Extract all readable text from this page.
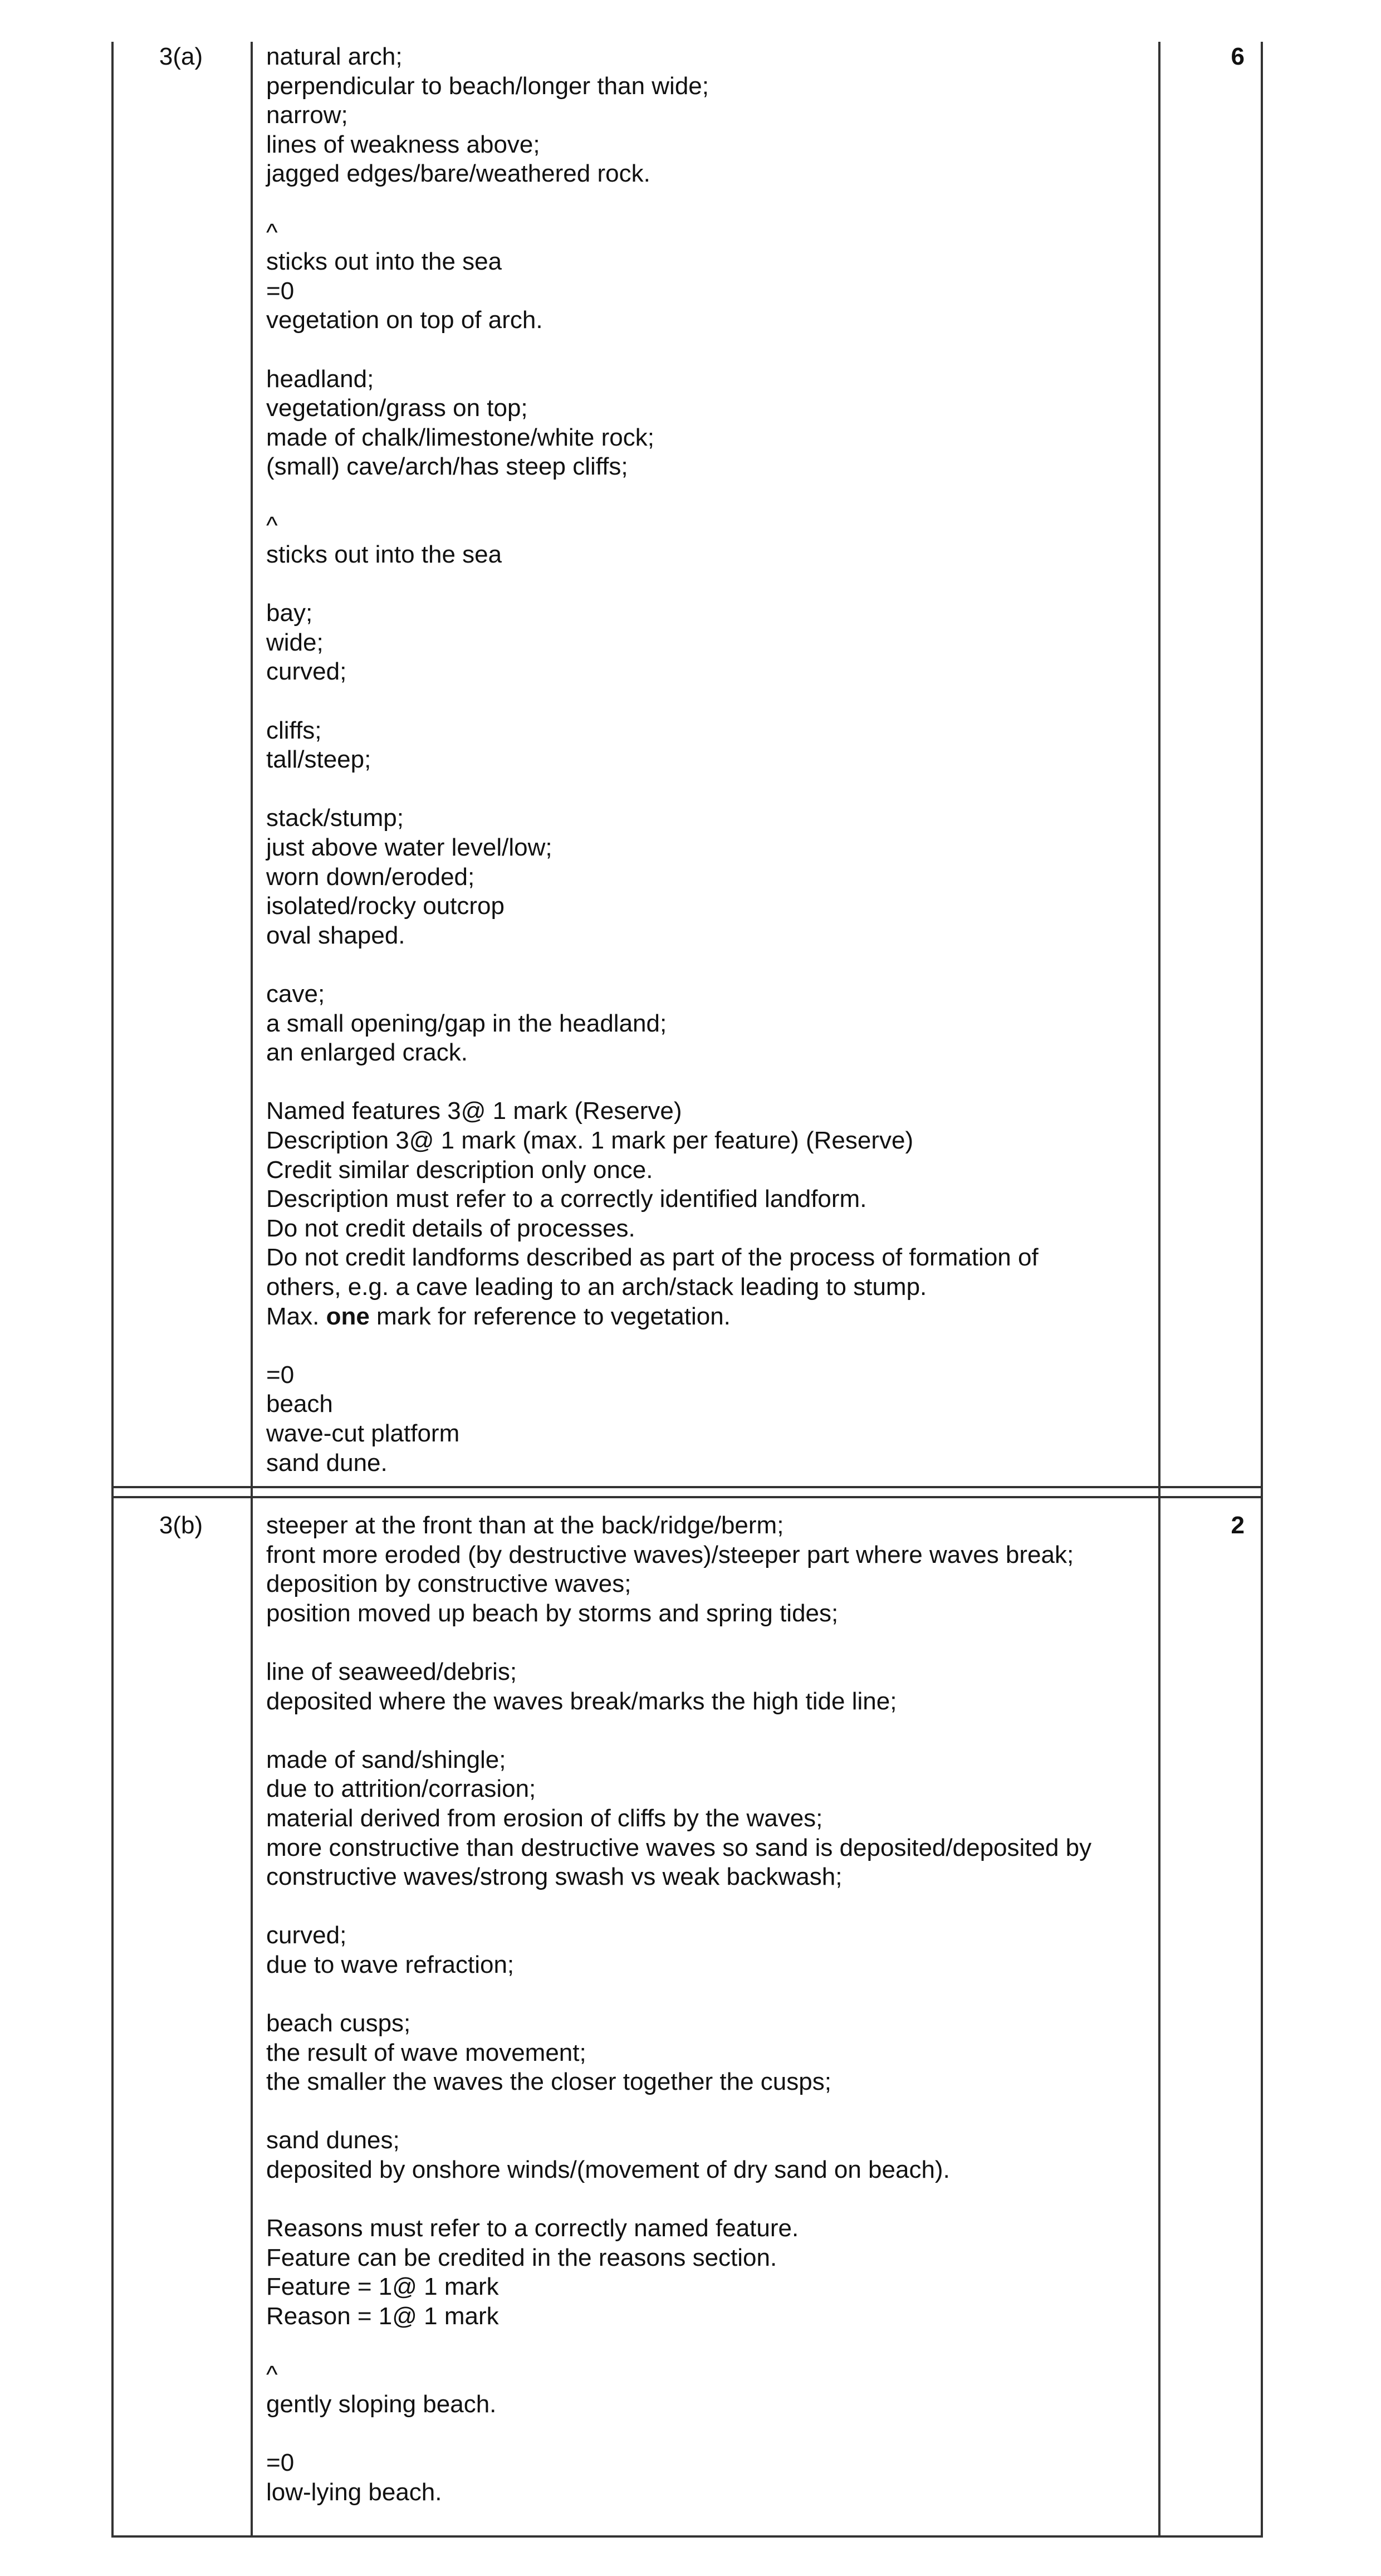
3(a)	6
natural arch;
perpendicular to beach/longer than wide;
narrow;
lines of weakness above;
jagged edges/bare/weathered rock.
^
sticks out into the sea
=0
vegetation on top of arch.
headland;
vegetation/grass on top;
made of chalk/limestone/white rock;
(small) cave/arch/has steep cliffs;
^
sticks out into the sea
bay;
wide;
curved;
cliffs;
tall/steep;
stack/stump;
just above water level/low;
worn down/eroded;
isolated/rocky outcrop
oval shaped.
cave;
a small opening/gap in the headland;
an enlarged crack.
Named features 3@ 1 mark (Reserve)
Description 3@ 1 mark (max. 1 mark per feature) (Reserve)
Credit similar description only once.
Description must refer to a correctly identified landform.
Do not credit details of processes.
Do not credit landforms described as part of the process of formation of
others, e.g. a cave leading to an arch/stack leading to stump.
Max. one mark for reference to vegetation.
=0
beach
wave-cut platform
sand dune.
3(b)	2
steeper at the front than at the back/ridge/berm;
front more eroded (by destructive waves)/steeper part where waves break;
deposition by constructive waves;
position moved up beach by storms and spring tides;
line of seaweed/debris;
deposited where the waves break/marks the high tide line;
made of sand/shingle;
due to attrition/corrasion;
material derived from erosion of cliffs by the waves;
more constructive than destructive waves so sand is deposited/deposited by
constructive waves/strong swash vs weak backwash;
curved;
due to wave refraction;
beach cusps;
the result of wave movement;
the smaller the waves the closer together the cusps;
sand dunes;
deposited by onshore winds/(movement of dry sand on beach).
Reasons must refer to a correctly named feature.
Feature can be credited in the reasons section.
Feature = 1@ 1 mark
Reason = 1@ 1 mark
^
gently sloping beach.
=0
low-lying beach.
